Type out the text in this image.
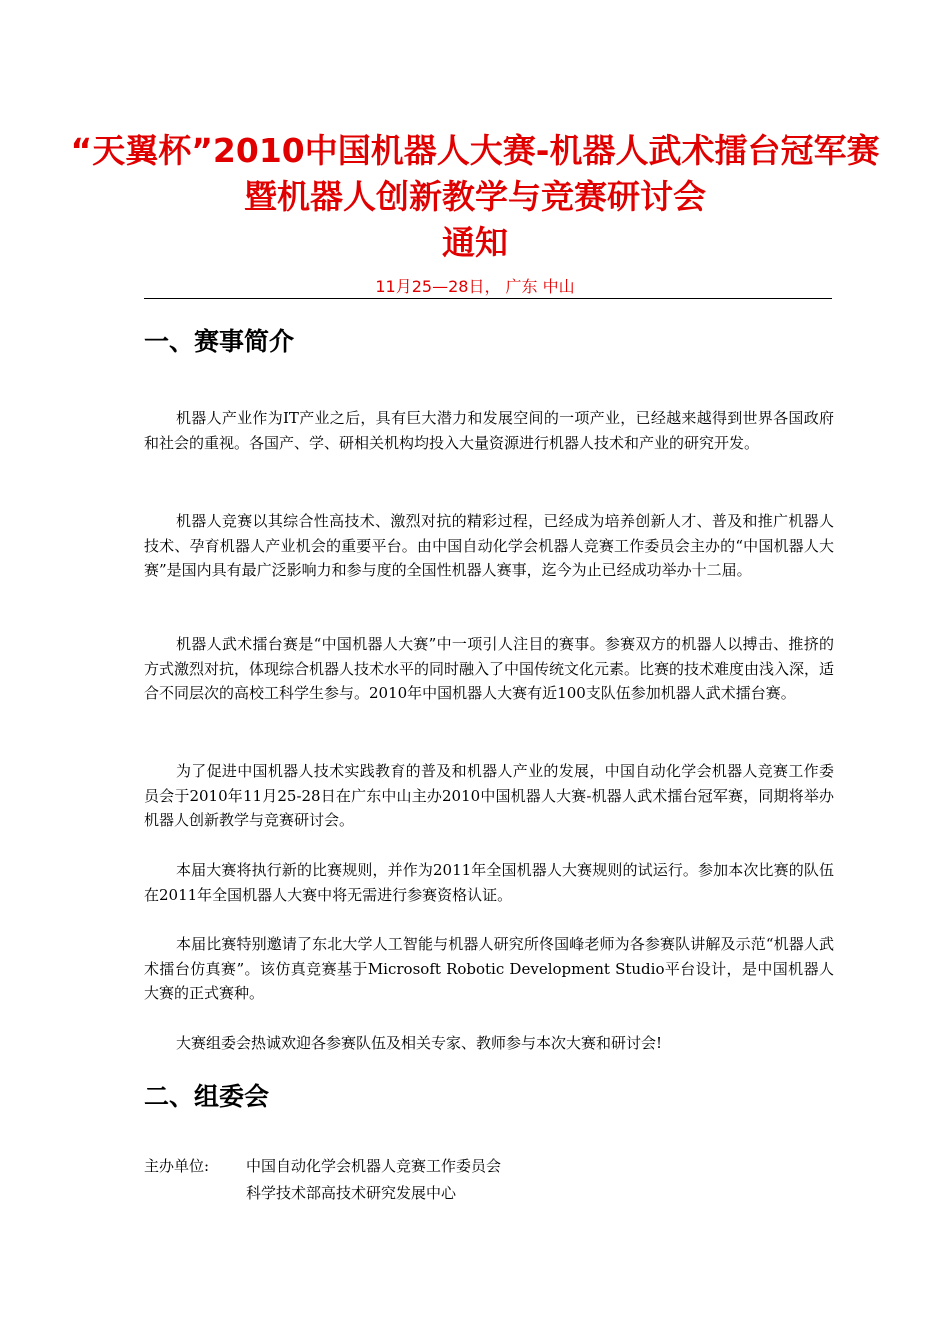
“天翼杯”2010中国机器人大赛-机器人武术擂台冠军赛
暨机器人创新教学与竞赛研讨会
通知
11月25—28日， 广东 中山
一、赛事简介

机器人产业作为IT产业之后，具有巨大潜力和发展空间的一项产业，已经越来越得到世界各国政府和社会的重视。各国产、学、研相关机构均投入大量资源进行机器人技术和产业的研究开发。

机器人竞赛以其综合性高技术、激烈对抗的精彩过程，已经成为培养创新人才、普及和推广机器人技术、孕育机器人产业机会的重要平台。由中国自动化学会机器人竞赛工作委员会主办的“中国机器人大赛”是国内具有最广泛影响力和参与度的全国性机器人赛事，迄今为止已经成功举办十二届。

机器人武术擂台赛是“中国机器人大赛”中一项引人注目的赛事。参赛双方的机器人以搏击、推挤的方式激烈对抗，体现综合机器人技术水平的同时融入了中国传统文化元素。比赛的技术难度由浅入深，适合不同层次的高校工科学生参与。2010年中国机器人大赛有近100支队伍参加机器人武术擂台赛。

为了促进中国机器人技术实践教育的普及和机器人产业的发展，中国自动化学会机器人竞赛工作委员会于2010年11月25-28日在广东中山主办2010中国机器人大赛-机器人武术擂台冠军赛，同期将举办机器人创新教学与竞赛研讨会。

本届大赛将执行新的比赛规则，并作为2011年全国机器人大赛规则的试运行。参加本次比赛的队伍在2011年全国机器人大赛中将无需进行参赛资格认证。

本届比赛特别邀请了东北大学人工智能与机器人研究所佟国峰老师为各参赛队讲解及示范“机器人武术擂台仿真赛”。该仿真竞赛基于Microsoft Robotic Development Studio平台设计，是中国机器人大赛的正式赛种。

大赛组委会热诚欢迎各参赛队伍及相关专家、教师参与本次大赛和研讨会!

二、组委会
主办单位: 中国自动化学会机器人竞赛工作委员会
科学技术部高技术研究发展中心
